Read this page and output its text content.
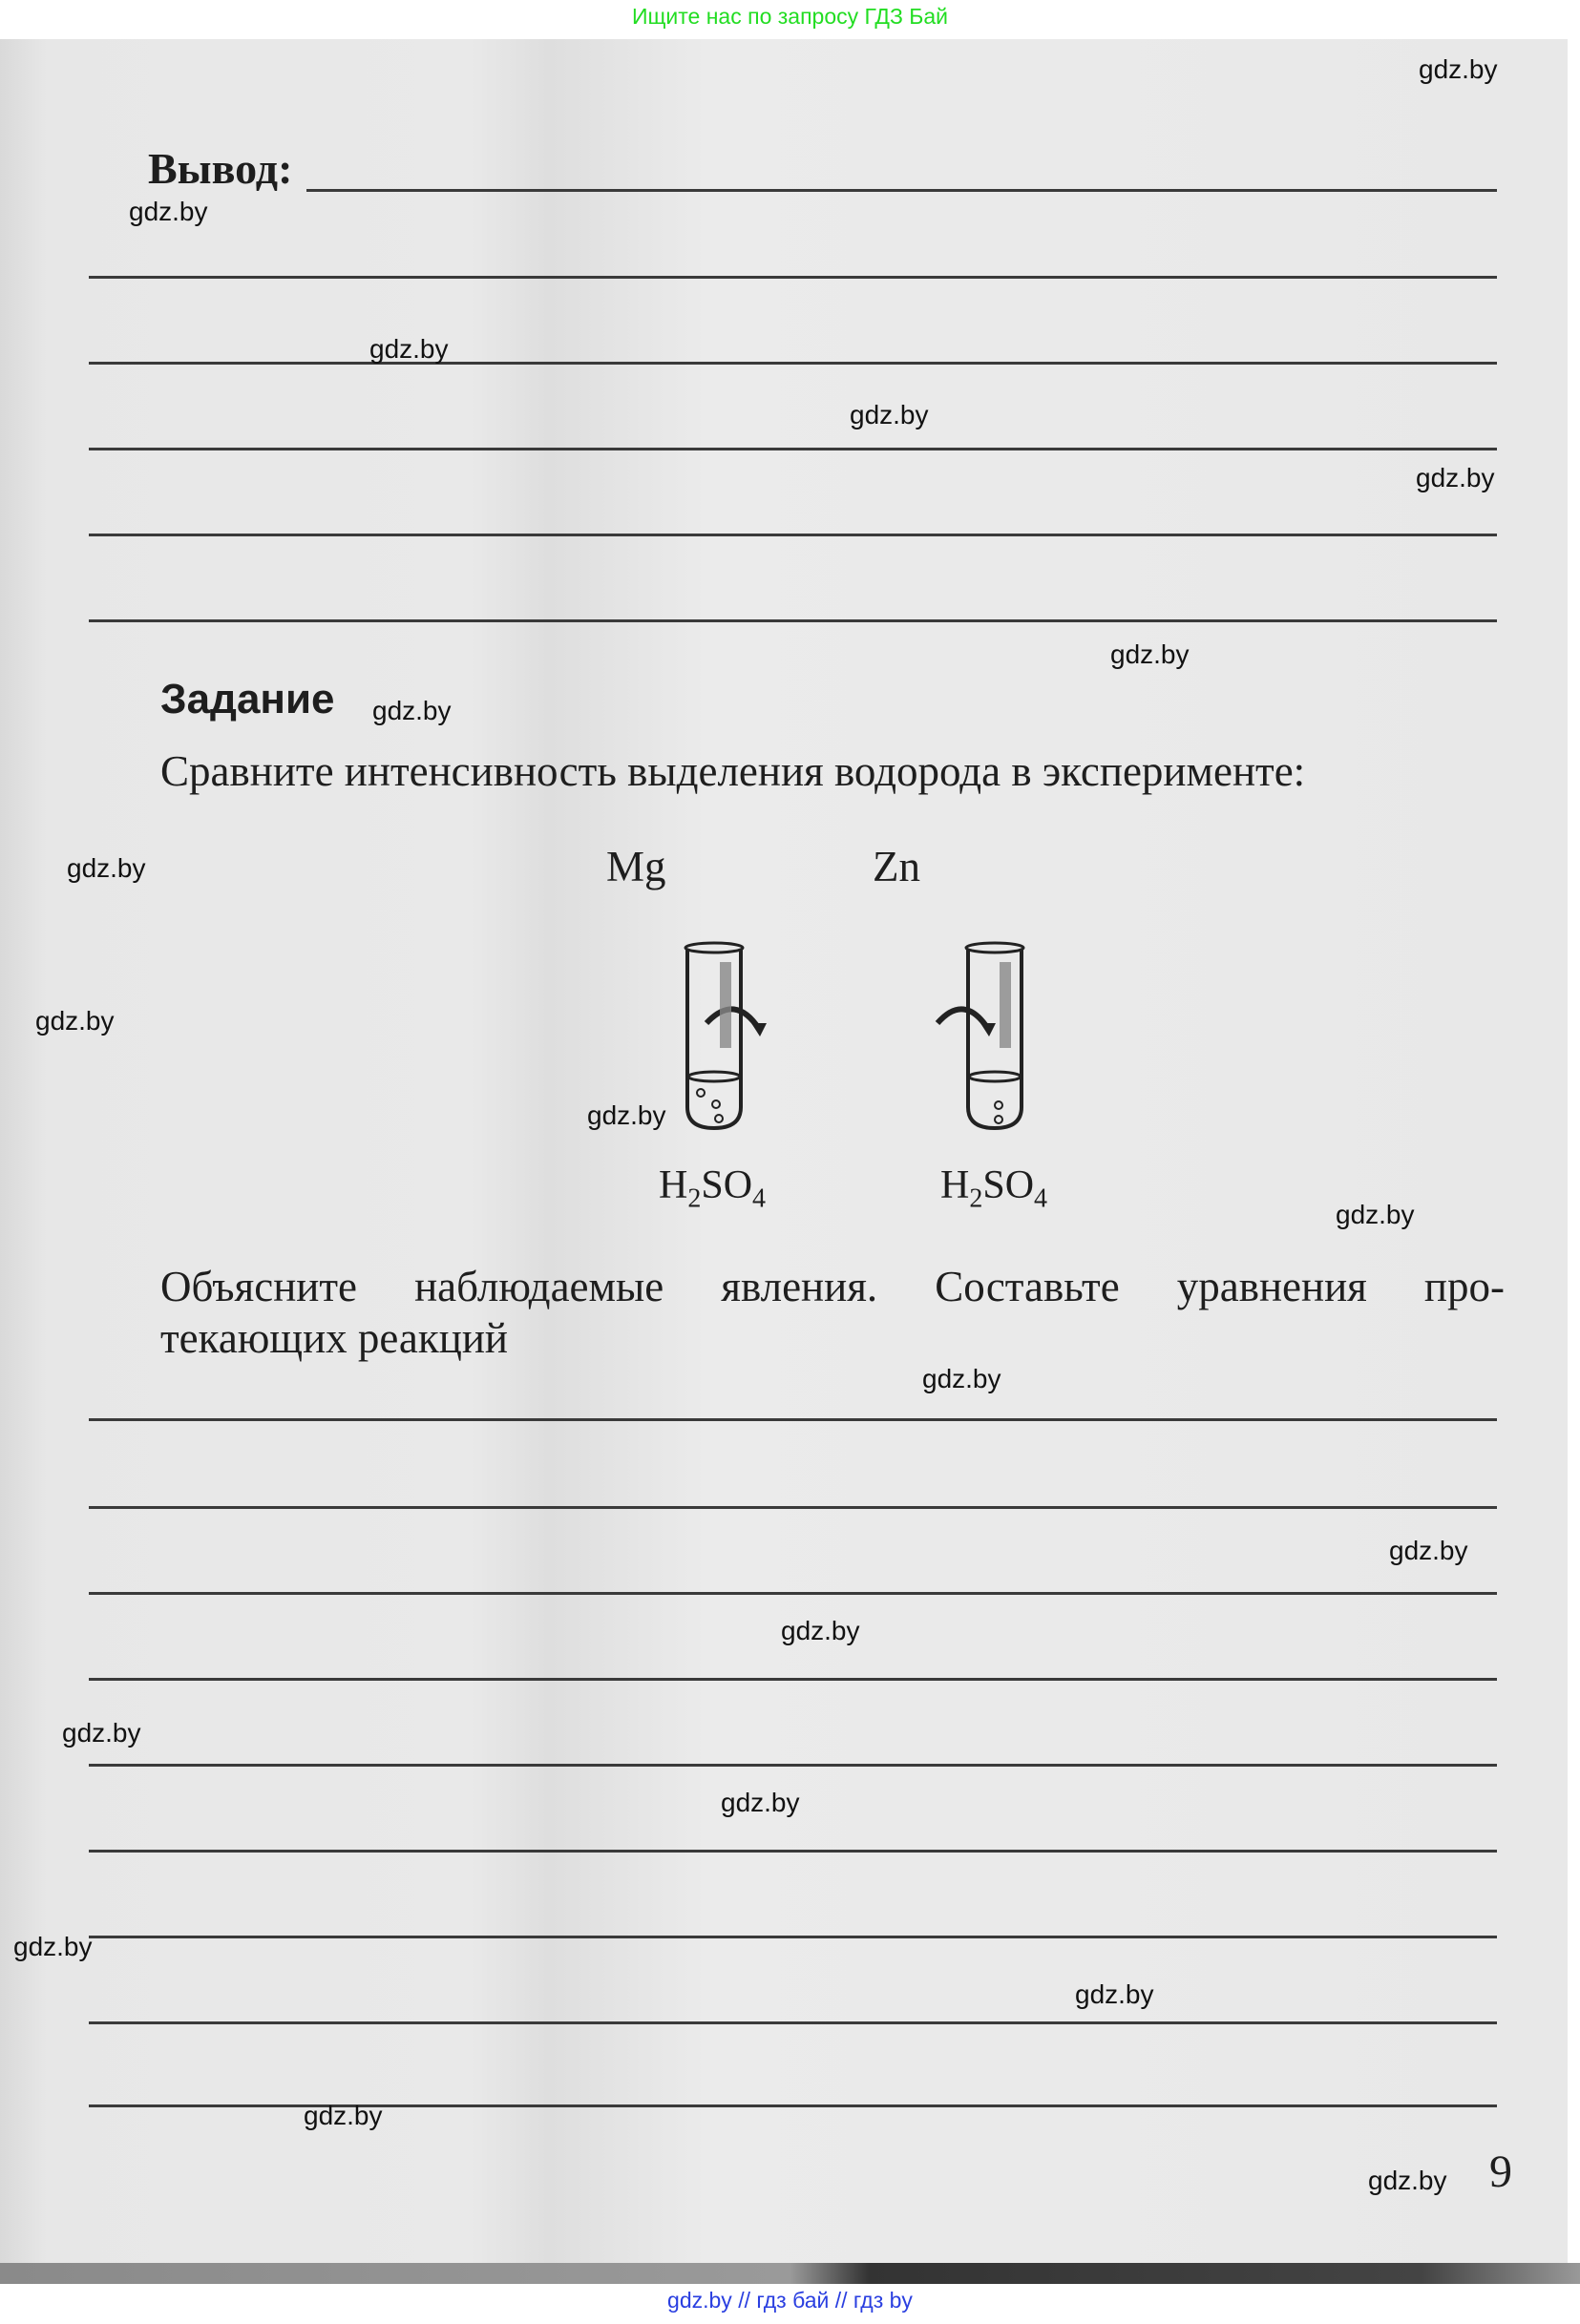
Ищите нас по запросу ГДЗ Бай
Вывод:
Задание
Сравните интенсивность выделения водорода в эксперименте:
Mg	Zn
$H_2SO_4$	$H_2SO_4$
Объясните наблюдаемые явления. Составьте уравнения про-
текающих реакций
9
gdz.by
gdz.by
gdz.by
gdz.by
gdz.by
gdz.by
gdz.by
gdz.by
gdz.by
gdz.by
gdz.by
gdz.by
gdz.by
gdz.by
gdz.by
gdz.by
gdz.by
gdz.by
gdz.by
gdz.by
gdz.by // гдз бай // гдз by
